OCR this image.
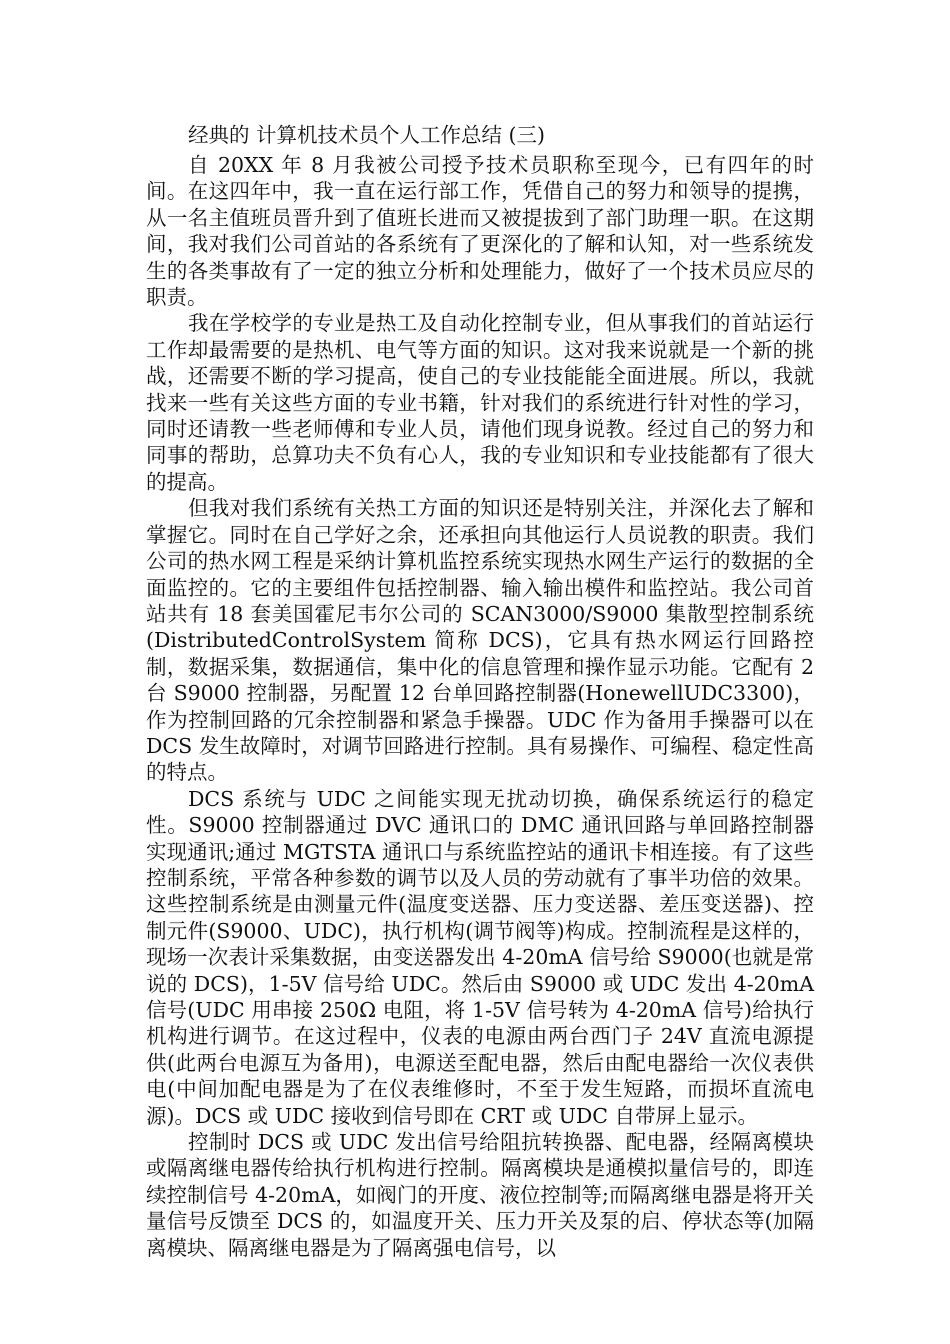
经典的 计算机技术员个人工作总结 (三)

自 20XX 年 8 月我被公司授予技术员职称至现今，已有四年的时间。在这四年中，我一直在运行部工作，凭借自己的努力和领导的提携，从一名主值班员晋升到了值班长进而又被提拔到了部门助理一职。在这期间，我对我们公司首站的各系统有了更深化的了解和认知，对一些系统发生的各类事故有了一定的独立分析和处理能力，做好了一个技术员应尽的职责。

我在学校学的专业是热工及自动化控制专业，但从事我们的首站运行工作却最需要的是热机、电气等方面的知识。这对我来说就是一个新的挑战，还需要不断的学习提高，使自己的专业技能能全面进展。所以，我就找来一些有关这些方面的专业书籍，针对我们的系统进行针对性的学习，同时还请教一些老师傅和专业人员，请他们现身说教。经过自己的努力和同事的帮助，总算功夫不负有心人，我的专业知识和专业技能都有了很大的提高。

但我对我们系统有关热工方面的知识还是特别关注，并深化去了解和掌握它。同时在自己学好之余，还承担向其他运行人员说教的职责。我们公司的热水网工程是采纳计算机监控系统实现热水网生产运行的数据的全面监控的。它的主要组件包括控制器、输入输出模件和监控站。我公司首站共有 18 套美国霍尼韦尔公司的 SCAN3000/S9000 集散型控制系统(DistributedControlSystem 简称 DCS)，它具有热水网运行回路控制，数据采集，数据通信，集中化的信息管理和操作显示功能。它配有 2 台 S9000 控制器，另配置 12 台单回路控制器(HonewellUDC3300)，作为控制回路的冗余控制器和紧急手操器。UDC 作为备用手操器可以在 DCS 发生故障时，对调节回路进行控制。具有易操作、可编程、稳定性高的特点。

DCS 系统与 UDC 之间能实现无扰动切换，确保系统运行的稳定性。S9000 控制器通过 DVC 通讯口的 DMC 通讯回路与单回路控制器实现通讯;通过 MGTSTA 通讯口与系统监控站的通讯卡相连接。有了这些控制系统，平常各种参数的调节以及人员的劳动就有了事半功倍的效果。这些控制系统是由测量元件(温度变送器、压力变送器、差压变送器)、控制元件(S9000、UDC)，执行机构(调节阀等)构成。控制流程是这样的，现场一次表计采集数据，由变送器发出 4-20mA 信号给 S9000(也就是常说的 DCS)，1-5V 信号给 UDC。然后由 S9000 或 UDC 发出 4-20mA 信号(UDC 用串接 250Ω 电阻，将 1-5V 信号转为 4-20mA 信号)给执行机构进行调节。在这过程中，仪表的电源由两台西门子 24V 直流电源提供(此两台电源互为备用)，电源送至配电器，然后由配电器给一次仪表供电(中间加配电器是为了在仪表维修时，不至于发生短路，而损坏直流电源)。DCS 或 UDC 接收到信号即在 CRT 或 UDC 自带屏上显示。

控制时 DCS 或 UDC 发出信号给阻抗转换器、配电器，经隔离模块或隔离继电器传给执行机构进行控制。隔离模块是通模拟量信号的，即连续控制信号 4-20mA，如阀门的开度、液位控制等;而隔离继电器是将开关量信号反馈至 DCS 的，如温度开关、压力开关及泵的启、停状态等(加隔离模块、隔离继电器是为了隔离强电信号，以
